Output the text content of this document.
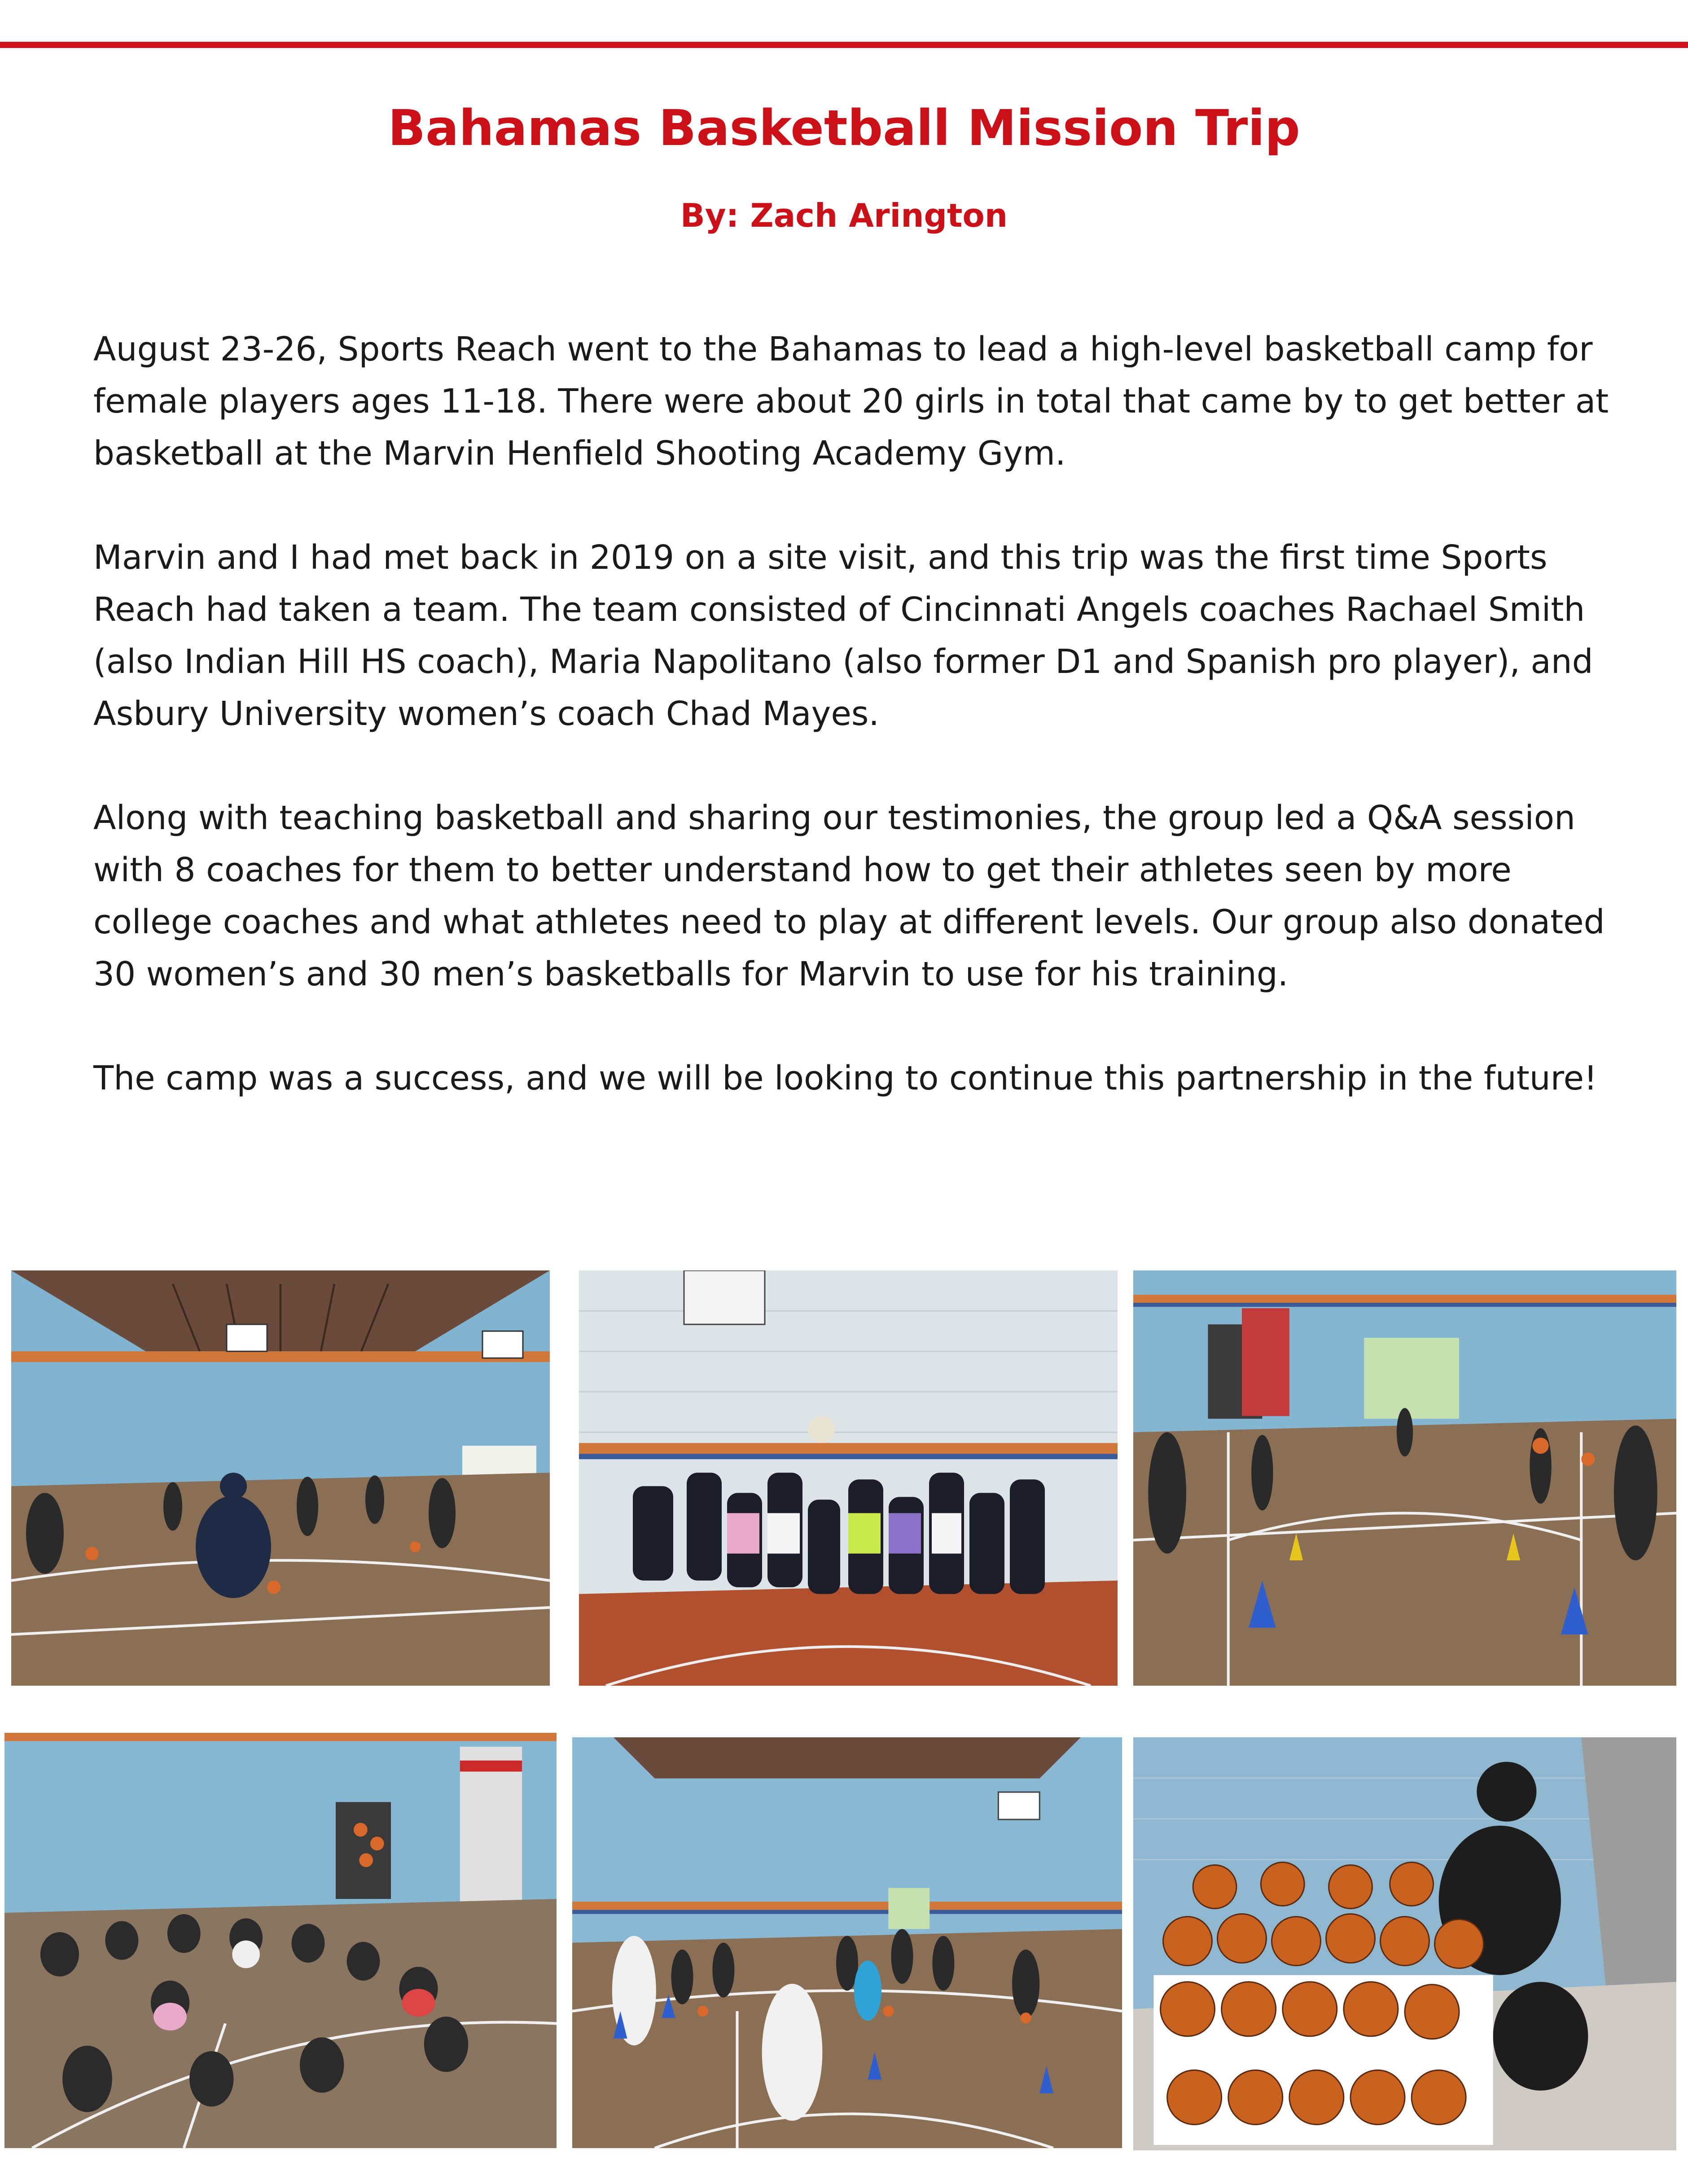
Bahamas Basketball Mission Trip
By: Zach Arington

August 23-26, Sports Reach went to the Bahamas to lead a high-level basketball camp for female players ages 11-18. There were about 20 girls in total that came by to get better at basketball at the Marvin Henfield Shooting Academy Gym.

Marvin and I had met back in 2019 on a site visit, and this trip was the first time Sports Reach had taken a team. The team consisted of Cincinnati Angels coaches Rachael Smith (also Indian Hill HS coach), Maria Napolitano (also former D1 and Spanish pro player), and Asbury University women’s coach Chad Mayes.

Along with teaching basketball and sharing our testimonies, the group led a Q&A session with 8 coaches for them to better understand how to get their athletes seen by more college coaches and what athletes need to play at different levels. Our group also donated 30 women’s and 30 men’s basketballs for Marvin to use for his training.

The camp was a success, and we will be looking to continue this partnership in the future!
